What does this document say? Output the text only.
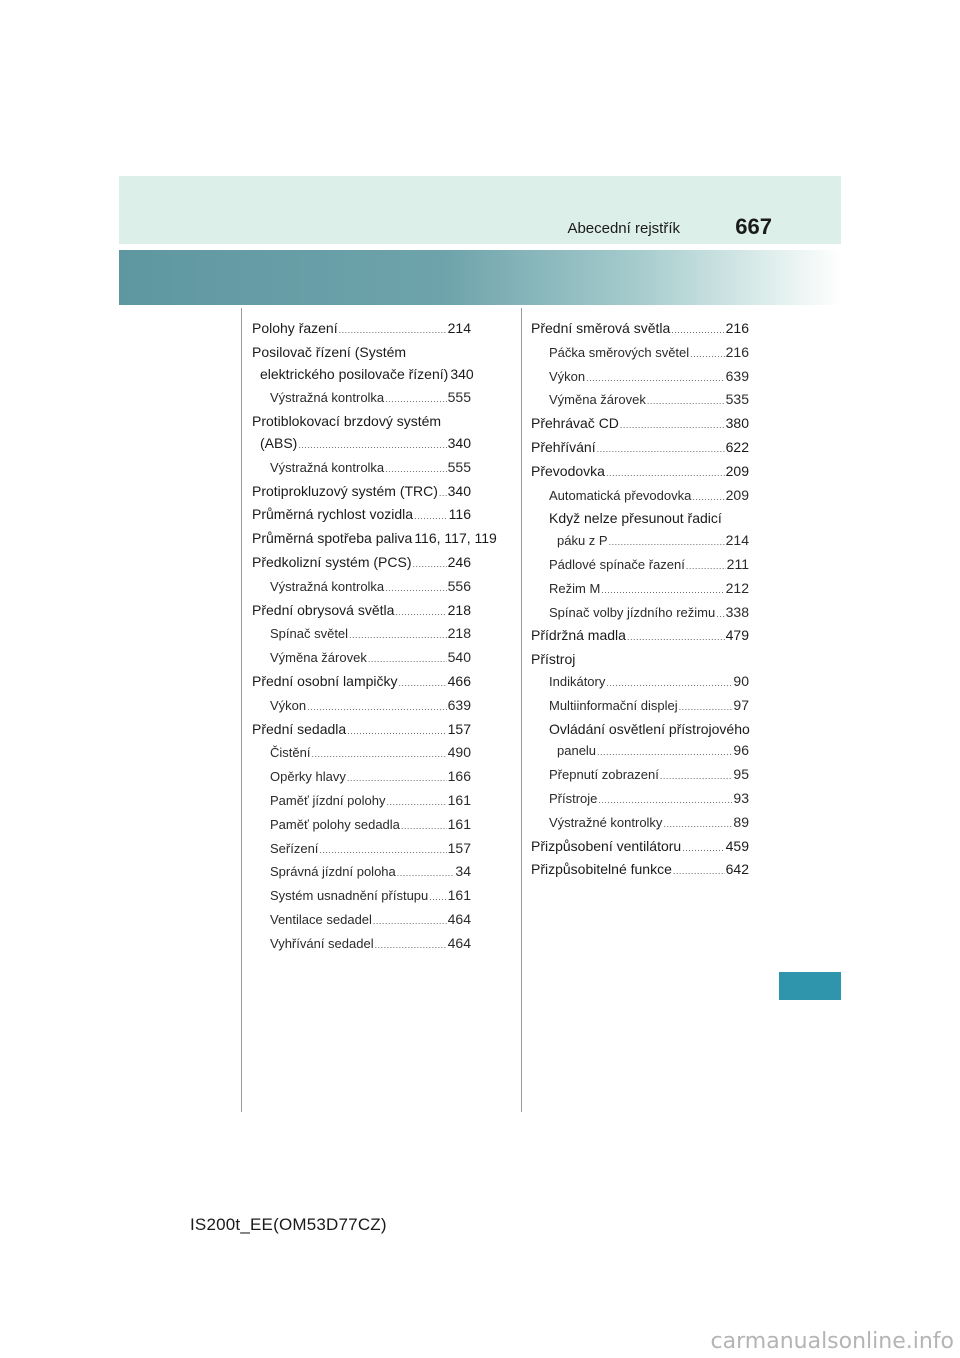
Abecední rejstřík	667
Polohy řazení .....	214
Posilovač řízení (Systém
elektrického posilovače řízení) 340
Výstražná kontrolka .....	555
Protiblokovací brzdový systém
(ABS) .....	340
Výstražná kontrolka .....	555
Protiprokluzový systém (TRC) ..... 340
Průměrná rychlost vozidla .....	116
Průměrná spotřeba paliva 116, 117, 119
Předkolizní systém (PCS) .....	246
Výstražná kontrolka .....	556
Přední obrysová světla .....	218
Spínač světel .....	218
Výměna žárovek .....	540
Přední osobní lampičky .....	466
Výkon .....	639
Přední sedadla .....	157
Čistění .....	490
Opěrky hlavy .....	166
Paměť jízdní polohy .....	161
Paměť polohy sedadla .....	161
Seřízení .....	157
Správná jízdní poloha .....	34
Systém usnadnění přístupu ..... 161
Ventilace sedadel .....	464
Vyhřívání sedadel .....	464
Přední směrová světla .....	216
Páčka směrových světel .....	216
Výkon .....	639
Výměna žárovek .....	535
Přehrávač CD .....	380
Přehřívání .....	622
Převodovka .....	209
Automatická převodovka ..... 209
Když nelze přesunout řadicí
páku z P .....	214
Pádlové spínače řazení .....	211
Režim M .....	212
Spínač volby jízdního režimu ..... 338
Přídržná madla .....	479
Přístroj
Indikátory .....	90
Multiinformační displej .....	97
Ovládání osvětlení přístrojového
panelu .....	96
Přepnutí zobrazení .....	95
Přístroje .....	93
Výstražné kontrolky .....	89
Přizpůsobení ventilátoru .....	459
Přizpůsobitelné funkce .....	642
IS200t_EE(OM53D77CZ)
carmanualsonline.info
